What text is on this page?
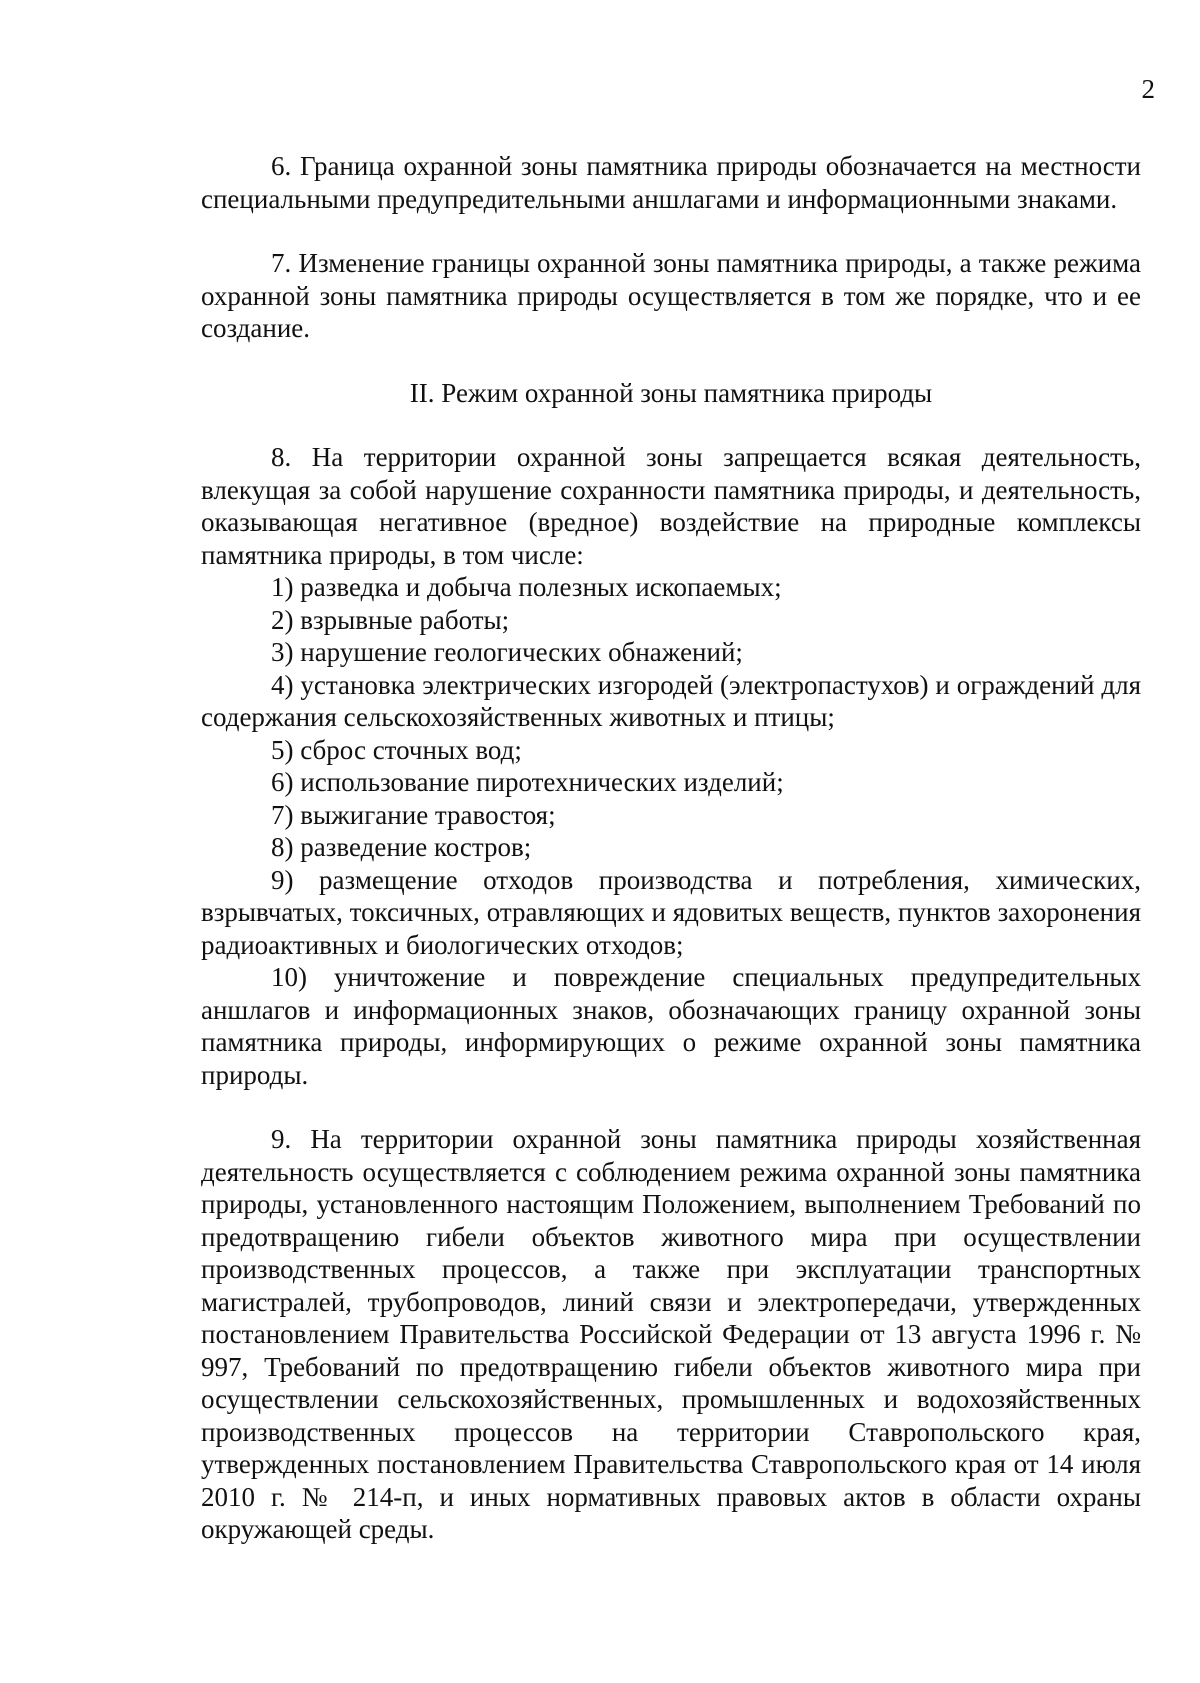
2

6. Граница охранной зоны памятника природы обозначается на местности специальными предупредительными аншлагами и информационными знаками.

7. Изменение границы охранной зоны памятника природы, а также режима охранной зоны памятника природы осуществляется в том же порядке, что и ее создание.

II. Режим охранной зоны памятника природы

8. На территории охранной зоны запрещается всякая деятельность, влекущая за собой нарушение сохранности памятника природы, и деятельность, оказывающая негативное (вредное) воздействие на природные комплексы памятника природы, в том числе:

1) разведка и добыча полезных ископаемых;

2) взрывные работы;

3) нарушение геологических обнажений;

4) установка электрических изгородей (электропастухов) и ограждений для содержания сельскохозяйственных животных и птицы;

5) сброс сточных вод;

6) использование пиротехнических изделий;

7) выжигание травостоя;

8) разведение костров;

9) размещение отходов производства и потребления, химических, взрывчатых, токсичных, отравляющих и ядовитых веществ, пунктов захоронения радиоактивных и биологических отходов;

10) уничтожение и повреждение специальных предупредительных аншлагов и информационных знаков, обозначающих границу охранной зоны памятника природы, информирующих о режиме охранной зоны памятника природы.

9. На территории охранной зоны памятника природы хозяйственная деятельность осуществляется с соблюдением режима охранной зоны памятника природы, установленного настоящим Положением, выполнением Требований по предотвращению гибели объектов животного мира при осуществлении производственных процессов, а также при эксплуатации транспортных магистралей, трубопроводов, линий связи и электропередачи, утвержденных постановлением Правительства Российской Федерации от 13 августа 1996 г. № 997, Требований по предотвращению гибели объектов животного мира при осуществлении сельскохозяйственных, промышленных и водохозяйственных производственных процессов на территории Ставропольского края, утвержденных постановлением Правительства Ставропольского края от 14 июля 2010 г. № 214-п, и иных нормативных правовых актов в области охраны окружающей среды.
